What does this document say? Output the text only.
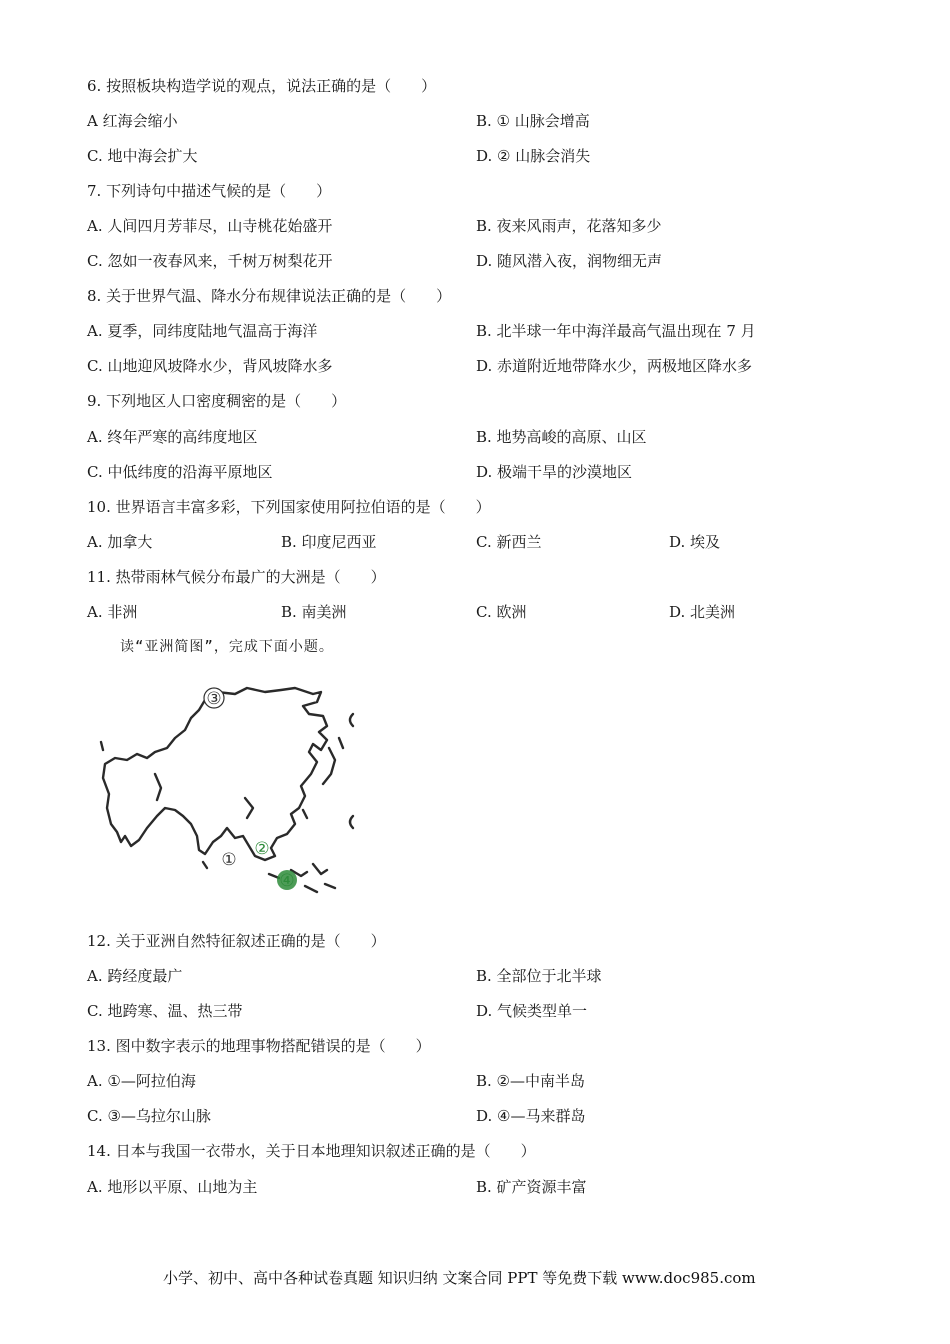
6. 按照板块构造学说的观点，说法正确的是（　　）
A 红海会缩小	B. ① 山脉会增高
C. 地中海会扩大	D. ② 山脉会消失
7. 下列诗句中描述气候的是（　　）
A. 人间四月芳菲尽，山寺桃花始盛开	B. 夜来风雨声，花落知多少
C. 忽如一夜春风来，千树万树梨花开	D. 随风潜入夜，润物细无声
8. 关于世界气温、降水分布规律说法正确的是（　　）
A. 夏季，同纬度陆地气温高于海洋	B. 北半球一年中海洋最高气温出现在 7 月
C. 山地迎风坡降水少，背风坡降水多	D. 赤道附近地带降水少，两极地区降水多
9. 下列地区人口密度稠密的是（　　）
A. 终年严寒的高纬度地区	B. 地势高峻的高原、山区
C. 中低纬度的沿海平原地区	D. 极端干旱的沙漠地区
10. 世界语言丰富多彩，下列国家使用阿拉伯语的是（　　）
A. 加拿大	B. 印度尼西亚	C. 新西兰	D. 埃及
11. 热带雨林气候分布最广的大洲是（　　）
A. 非洲	B. 南美洲	C. 欧洲	D. 北美洲
读“亚洲简图”，完成下面小题。
③
①
②
④
12. 关于亚洲自然特征叙述正确的是（　　）
A. 跨经度最广	B. 全部位于北半球
C. 地跨寒、温、热三带	D. 气候类型单一
13. 图中数字表示的地理事物搭配错误的是（　　）
A. ①—阿拉伯海	B. ②—中南半岛
C. ③—乌拉尔山脉	D. ④—马来群岛
14. 日本与我国一衣带水，关于日本地理知识叙述正确的是（　　）
A. 地形以平原、山地为主	B. 矿产资源丰富
小学、初中、高中各种试卷真题 知识归纳 文案合同 PPT 等免费下载 www.doc985.com
